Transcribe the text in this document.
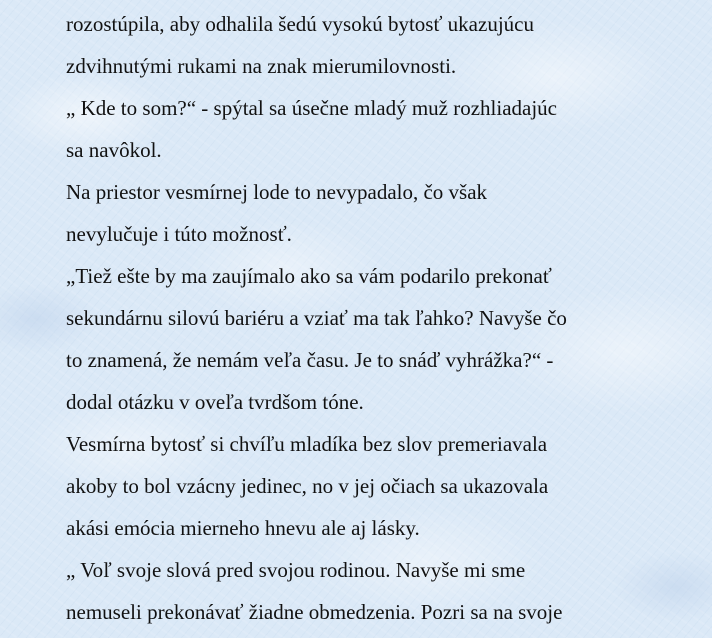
rozostúpila, aby odhalila šedú vysokú bytosť ukazujúcu
zdvihnutými rukami na znak mierumilovnosti.
„ Kde to som?“ - spýtal sa úsečne mladý muž rozhliadajúc
sa navôkol.
Na priestor vesmírnej lode to nevypadalo, čo však
nevylučuje i túto možnosť.
„Tiež ešte by ma zaujímalo ako sa vám podarilo prekonať
sekundárnu silovú bariéru a vziať ma tak ľahko? Navyše čo
to znamená, že nemám veľa času. Je to snáď vyhrážka?“ -
dodal otázku v oveľa tvrdšom tóne.
Vesmírna bytosť si chvíľu mladíka bez slov premeriavala
akoby to bol vzácny jedinec, no v jej očiach sa ukazovala
akási emócia mierneho hnevu ale aj lásky.
„ Voľ svoje slová pred svojou rodinou. Navyše mi sme
nemuseli prekonávať žiadne obmedzenia. Pozri sa na svoje
